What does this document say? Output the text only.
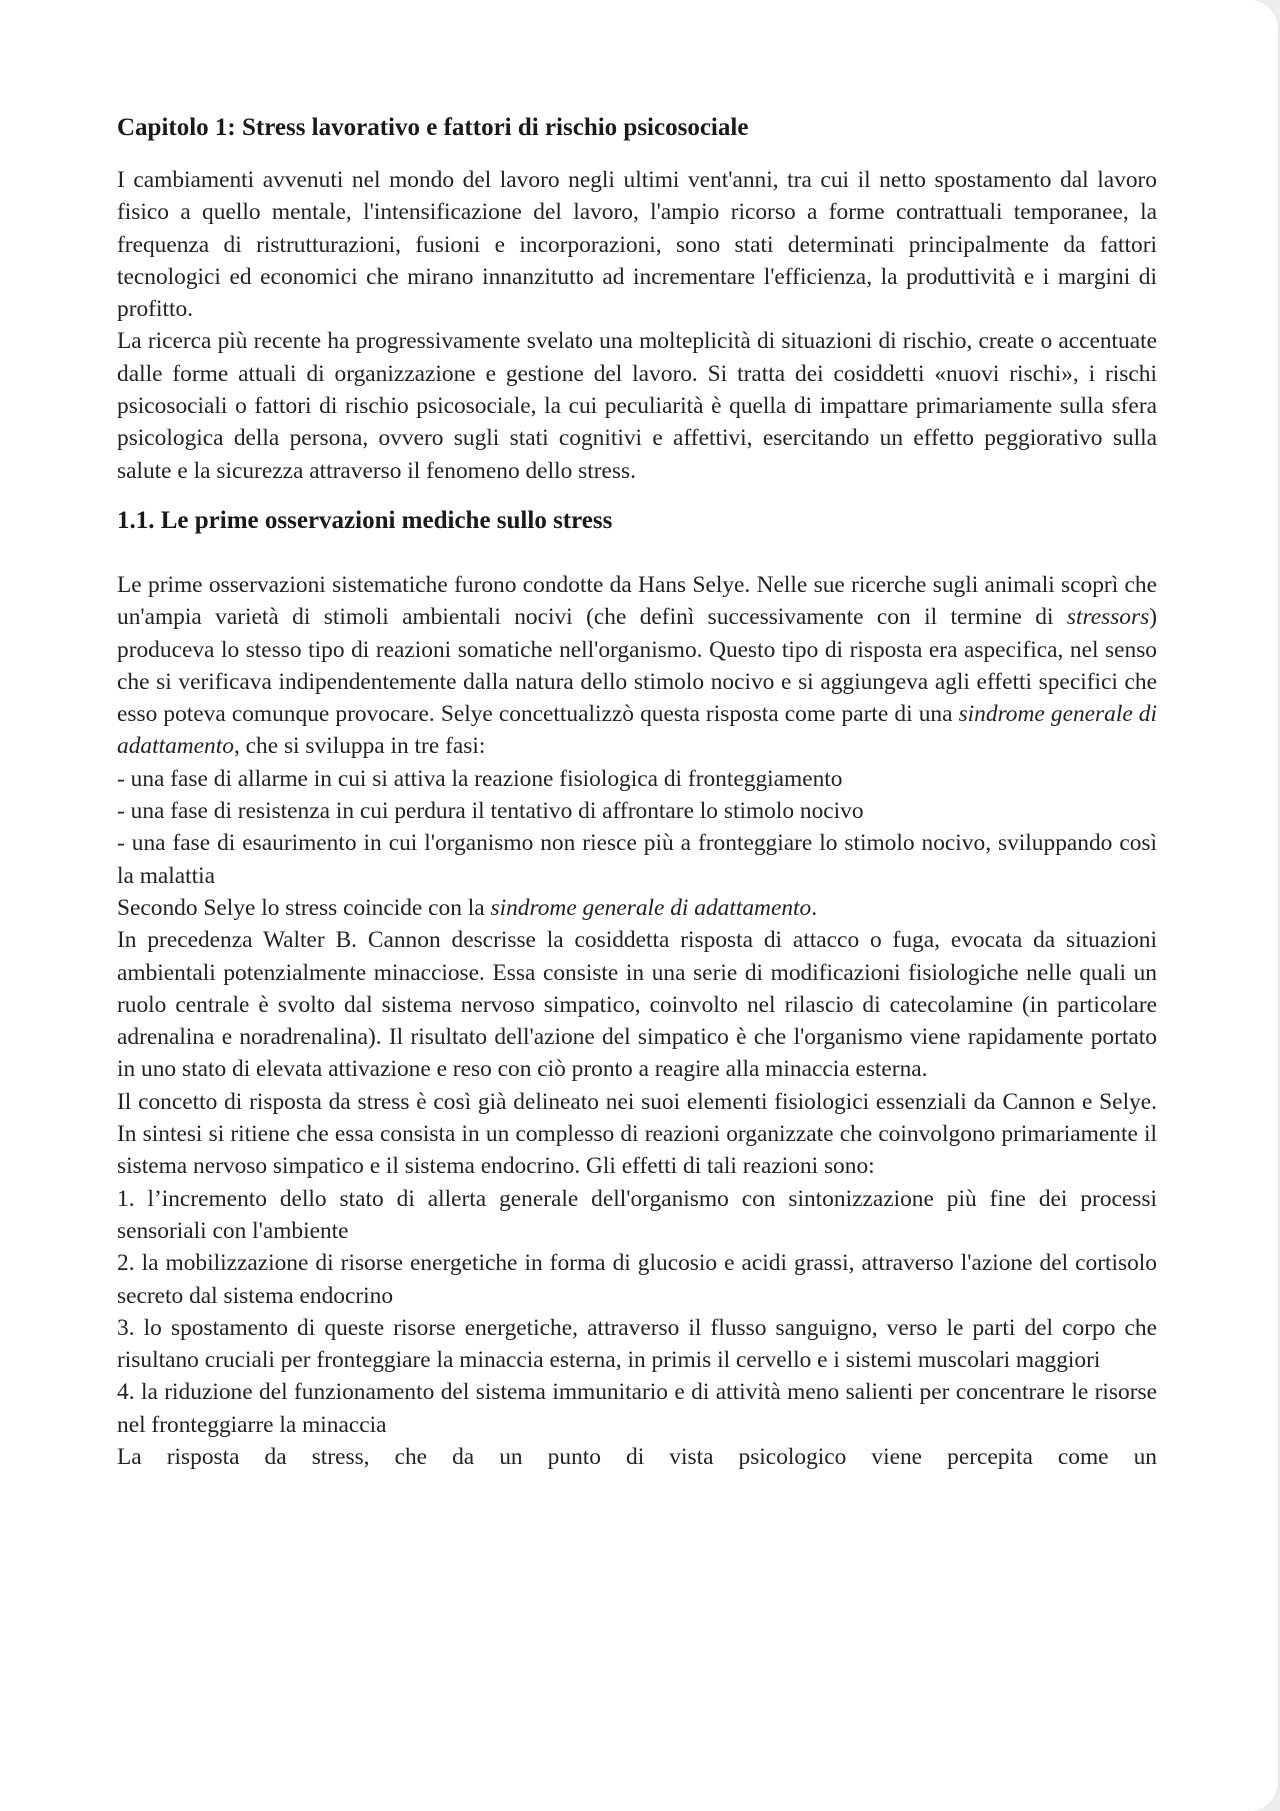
Capitolo 1: Stress lavorativo e fattori di rischio psicosociale

I cambiamenti avvenuti nel mondo del lavoro negli ultimi vent'anni, tra cui il netto spostamento dal lavoro fisico a quello mentale, l'intensificazione del lavoro, l'ampio ricorso a forme contrattuali temporanee, la frequenza di ristrutturazioni, fusioni e incorporazioni, sono stati determinati principalmente da fattori tecnologici ed economici che mirano innanzitutto ad incrementare l'efficienza, la produttività e i margini di profitto.

La ricerca più recente ha progressivamente svelato una molteplicità di situazioni di rischio, create o accentuate dalle forme attuali di organizzazione e gestione del lavoro. Si tratta dei cosiddetti «nuovi rischi», i rischi psicosociali o fattori di rischio psicosociale, la cui peculiarità è quella di impattare primariamente sulla sfera psicologica della persona, ovvero sugli stati cognitivi e affettivi, esercitando un effetto peggiorativo sulla salute e la sicurezza attraverso il fenomeno dello stress.

1.1. Le prime osservazioni mediche sullo stress

Le prime osservazioni sistematiche furono condotte da Hans Selye. Nelle sue ricerche sugli animali scoprì che un'ampia varietà di stimoli ambientali nocivi (che definì successivamente con il termine di stressors) produceva lo stesso tipo di reazioni somatiche nell'organismo. Questo tipo di risposta era aspecifica, nel senso che si verificava indipendentemente dalla natura dello stimolo nocivo e si aggiungeva agli effetti specifici che esso poteva comunque provocare. Selye concettualizzò questa risposta come parte di una sindrome generale di adattamento, che si sviluppa in tre fasi:

- una fase di allarme in cui si attiva la reazione fisiologica di fronteggiamento

- una fase di resistenza in cui perdura il tentativo di affrontare lo stimolo nocivo

- una fase di esaurimento in cui l'organismo non riesce più a fronteggiare lo stimolo nocivo, sviluppando così la malattia

Secondo Selye lo stress coincide con la sindrome generale di adattamento.

In precedenza Walter B. Cannon descrisse la cosiddetta risposta di attacco o fuga, evocata da situazioni ambientali potenzialmente minacciose. Essa consiste in una serie di modificazioni fisiologiche nelle quali un ruolo centrale è svolto dal sistema nervoso simpatico, coinvolto nel rilascio di catecolamine (in particolare adrenalina e noradrenalina). Il risultato dell'azione del simpatico è che l'organismo viene rapidamente portato in uno stato di elevata attivazione e reso con ciò pronto a reagire alla minaccia esterna.

Il concetto di risposta da stress è così già delineato nei suoi elementi fisiologici essenziali da Cannon e Selye. In sintesi si ritiene che essa consista in un complesso di reazioni organizzate che coinvolgono primariamente il sistema nervoso simpatico e il sistema endocrino. Gli effetti di tali reazioni sono:

1. l’incremento dello stato di allerta generale dell'organismo con sintonizzazione più fine dei processi sensoriali con l'ambiente

2. la mobilizzazione di risorse energetiche in forma di glucosio e acidi grassi, attraverso l'azione del cortisolo secreto dal sistema endocrino

3. lo spostamento di queste risorse energetiche, attraverso il flusso sanguigno, verso le parti del corpo che risultano cruciali per fronteggiare la minaccia esterna, in primis il cervello e i sistemi muscolari maggiori

4. la riduzione del funzionamento del sistema immunitario e di attività meno salienti per concentrare le risorse nel fronteggiarre la minaccia

La risposta da stress, che da un punto di vista psicologico viene percepita come un
